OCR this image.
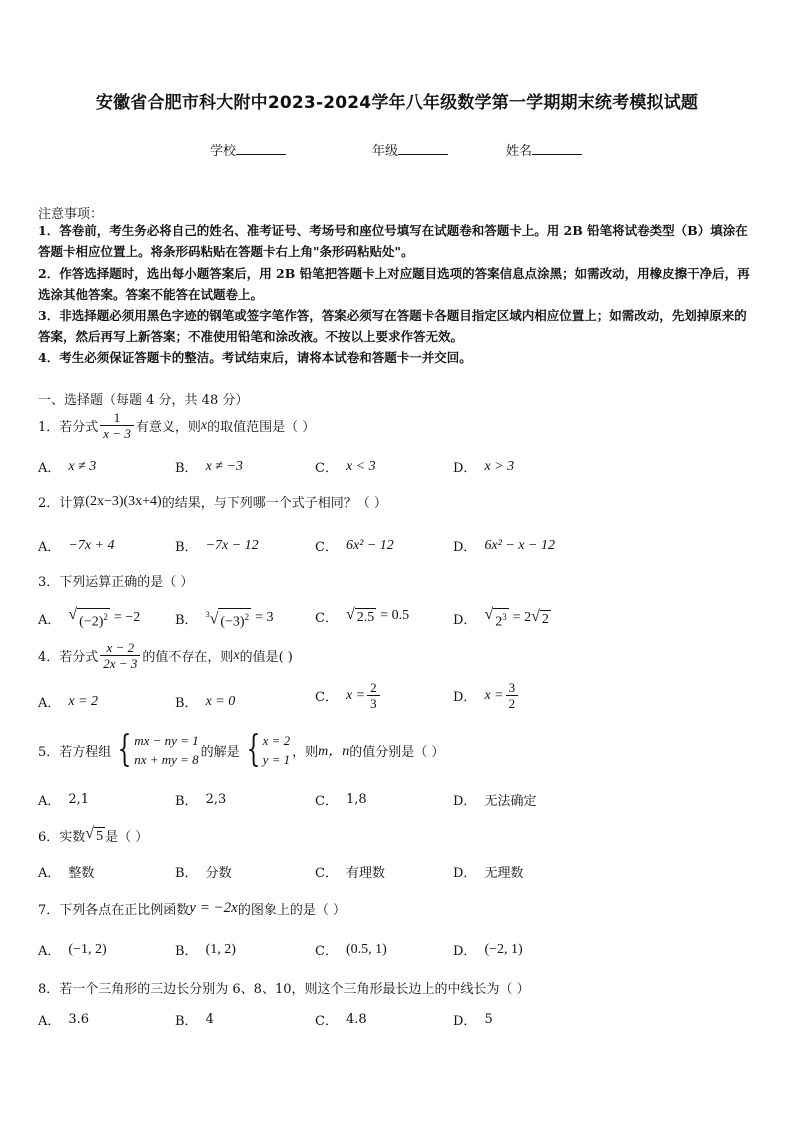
安徽省合肥市科大附中2023-2024学年八年级数学第一学期期末统考模拟试题
学校	年级	姓名
注意事项：
1．答卷前，考生务必将自己的姓名、准考证号、考场号和座位号填写在试题卷和答题卡上。用 2B 铅笔将试卷类型（B）填涂在答题卡相应位置上。将条形码粘贴在答题卡右上角"条形码粘贴处"。
2．作答选择题时，选出每小题答案后，用 2B 铅笔把答题卡上对应题目选项的答案信息点涂黑；如需改动，用橡皮擦干净后，再选涂其他答案。答案不能答在试题卷上。
3．非选择题必须用黑色字迹的钢笔或签字笔作答，答案必须写在答题卡各题目指定区域内相应位置上；如需改动，先划掉原来的答案，然后再写上新答案；不准使用铅笔和涂改液。不按以上要求作答无效。
4．考生必须保证答题卡的整洁。考试结束后，请将本试卷和答题卡一并交回。
一、选择题（每题 4 分，共 48 分）
1．若分式 $\frac{1}{x - 3}$ 有意义，则 x 的取值范围是（ ）
A． x ≠ 3	B． x ≠ −3	C． x < 3	D． x > 3
2．计算 (2x−3)(3x+4) 的结果，与下列哪一个式子相同？（ ）
A． −7x + 4	B． −7x − 12	C． 6x² − 12	D． 6x² − x − 12
3．下列运算正确的是（ ）
A． √ $(-2)^2 = -2$	B． $^3$√ $(-3)^2 = 3$	C． √ 2.5 = 0.5	D． √ $2^3 = 2$ √ 2
4．若分式 $\frac{x - 2}{2x - 3}$ 的值不存在，则 x 的值是( )
A． x = 2	B． x = 0	C． $x = \frac{2}{3}$	D． $x = \frac{3}{2}$
5．若方程组 { mx − ny = 1
nx + my = 8 的解是 { x = 2
y = 1 ，则 m，n 的值分别是（ ）
A． 2,1	B． 2,3	C． 1,8	D． 无法确定
6．实数 √ 5 是（ ）
A． 整数	B． 分数	C． 有理数	D． 无理数
7．下列各点在正比例函数 y = −2x 的图象上的是（ ）
A． (−1, 2)	B． (1, 2)	C． (0.5, 1)	D． (−2, 1)
8．若一个三角形的三边长分别为 6、8、10，则这个三角形最长边上的中线长为（ ）
A． 3.6	B． 4	C． 4.8	D． 5
